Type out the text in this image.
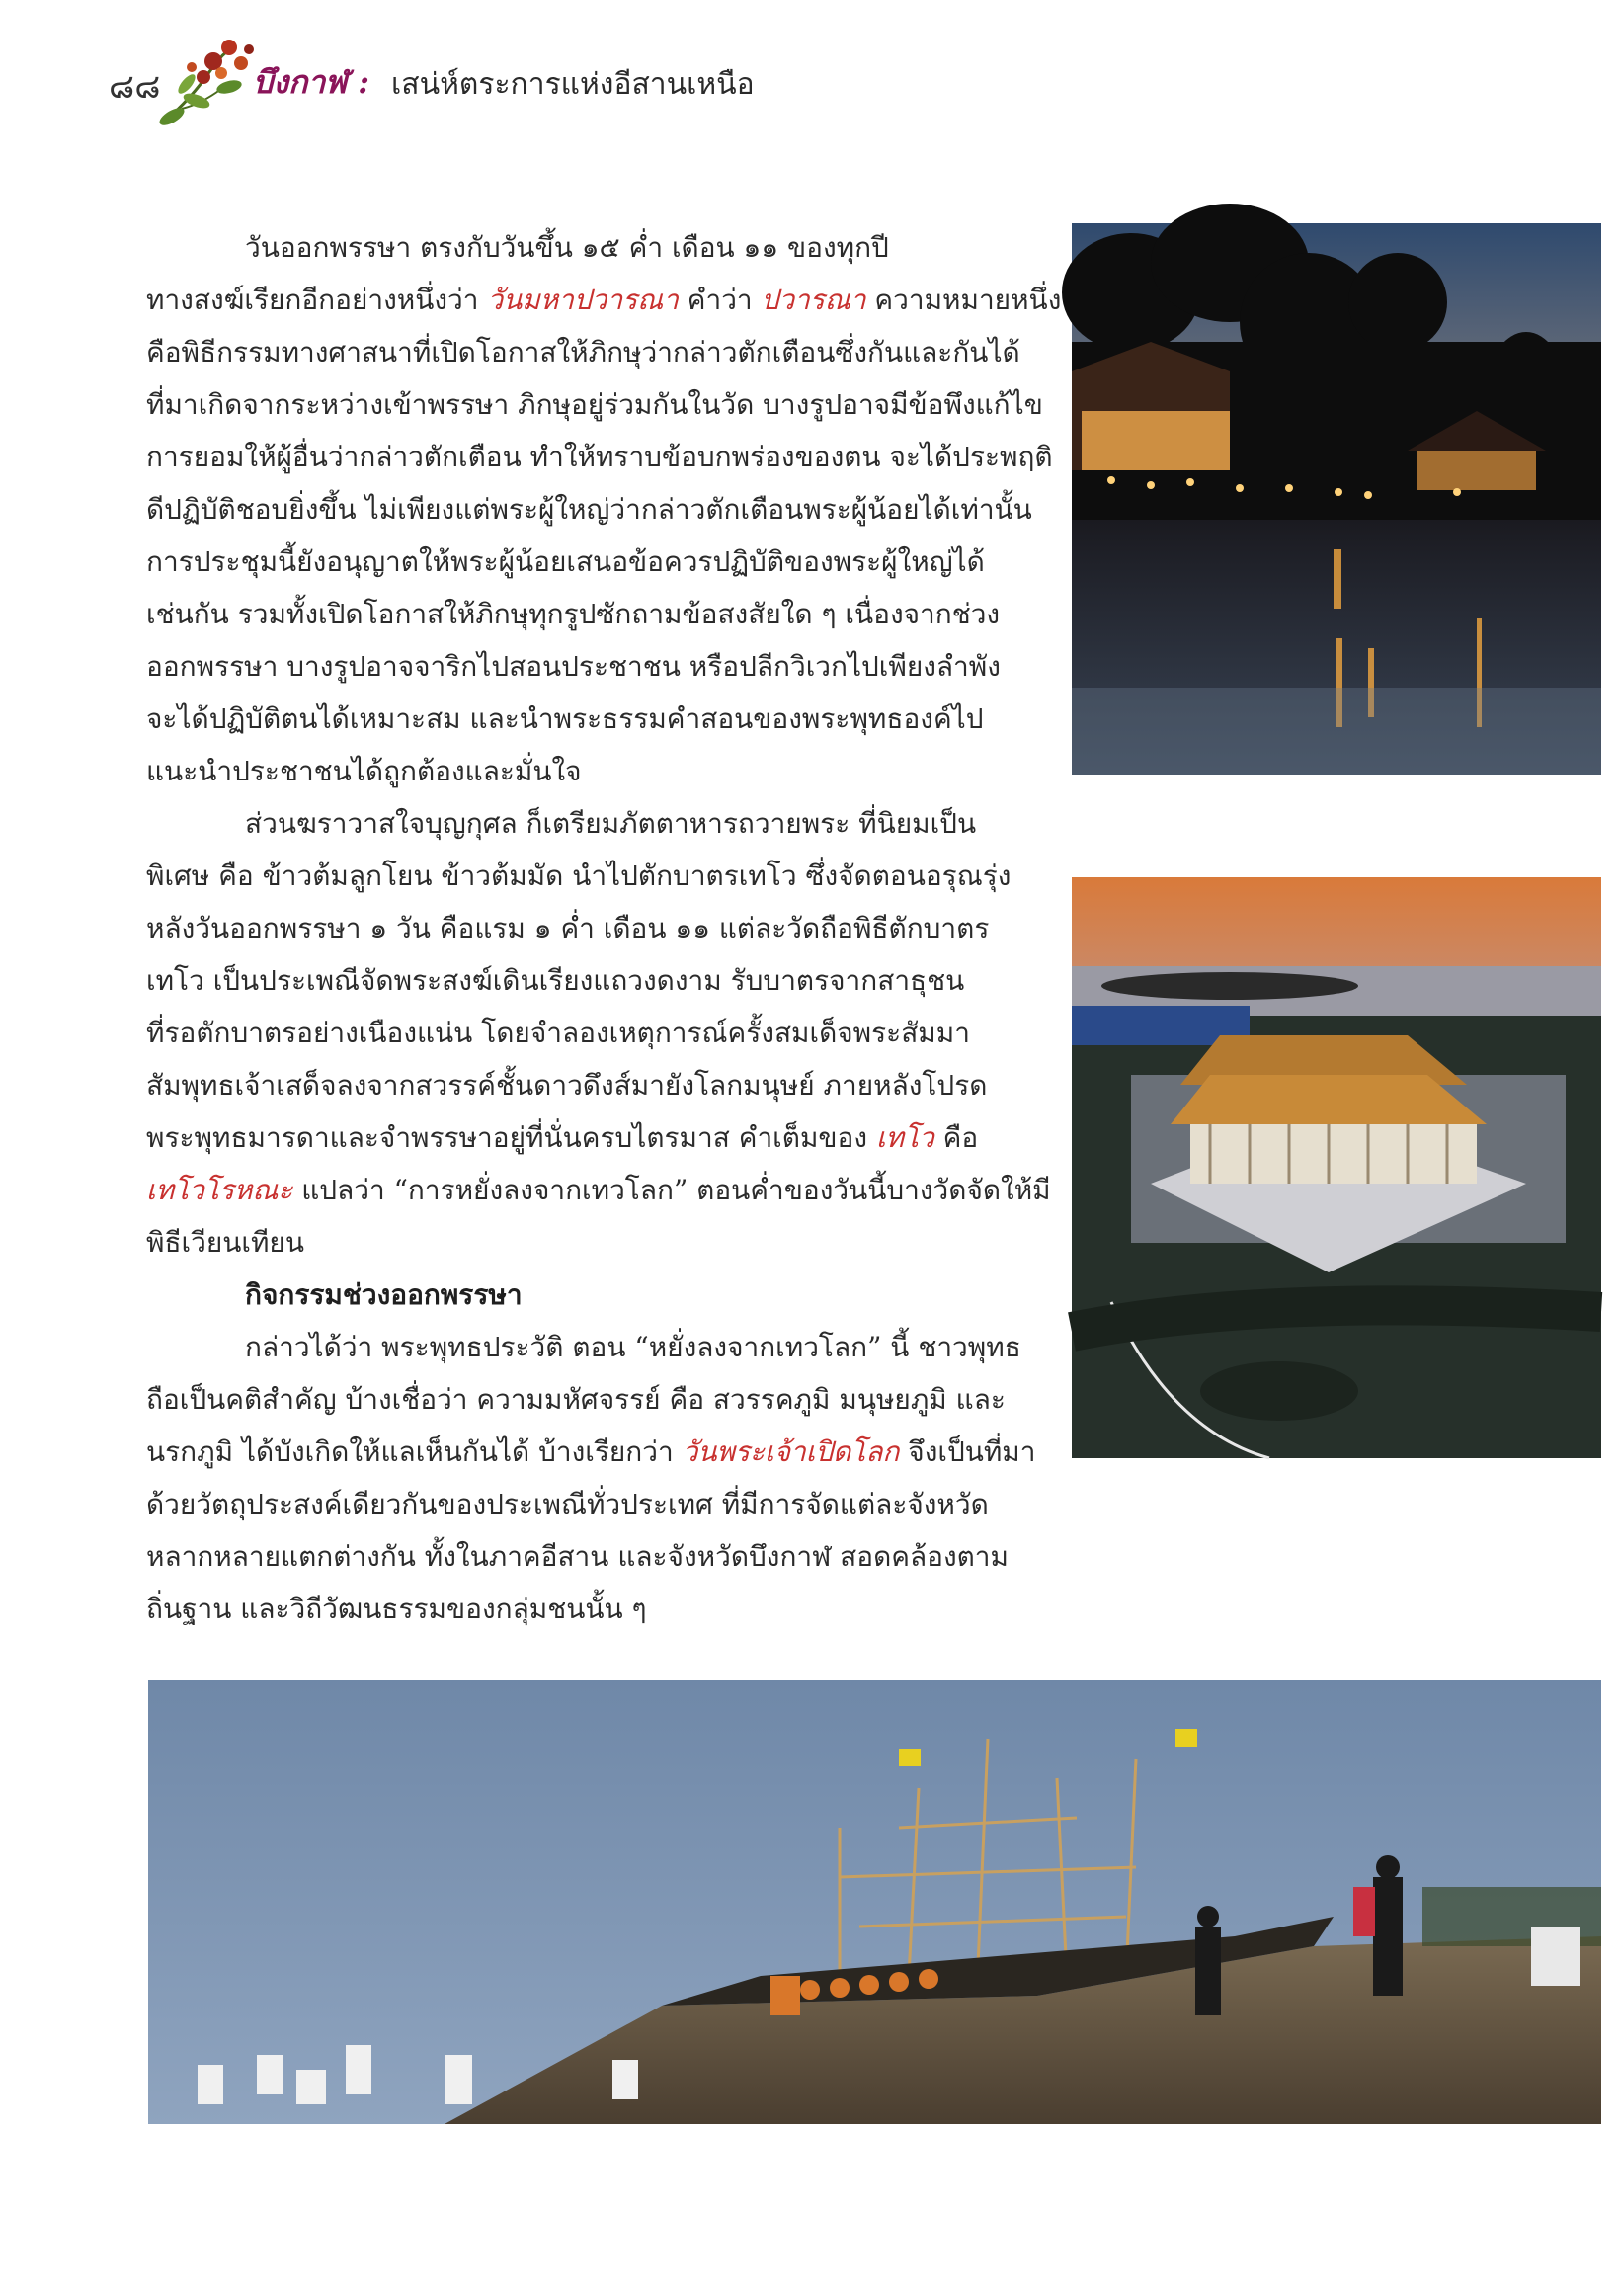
๘๘	บึงกาฬ : เสน่ห์ตระการแห่งอีสานเหนือ
วันออกพรรษา ตรงกับวันขึ้น ๑๕ ค่ำ เดือน ๑๑ ของทุกปี
ทางสงฆ์เรียกอีกอย่างหนึ่งว่า วันมหาปวารณา คำว่า ปวารณา ความหมายหนึ่ง
คือพิธีกรรมทางศาสนาที่เปิดโอกาสให้ภิกษุว่ากล่าวตักเตือนซึ่งกันและกันได้
ที่มาเกิดจากระหว่างเข้าพรรษา ภิกษุอยู่ร่วมกันในวัด บางรูปอาจมีข้อพึงแก้ไข
การยอมให้ผู้อื่นว่ากล่าวตักเตือน ทำให้ทราบข้อบกพร่องของตน จะได้ประพฤติ
ดีปฏิบัติชอบยิ่งขึ้น ไม่เพียงแต่พระผู้ใหญ่ว่ากล่าวตักเตือนพระผู้น้อยได้เท่านั้น
การประชุมนี้ยังอนุญาตให้พระผู้น้อยเสนอข้อควรปฏิบัติของพระผู้ใหญ่ได้
เช่นกัน รวมทั้งเปิดโอกาสให้ภิกษุทุกรูปซักถามข้อสงสัยใด ๆ เนื่องจากช่วง
ออกพรรษา บางรูปอาจจาริกไปสอนประชาชน หรือปลีกวิเวกไปเพียงลำพัง
จะได้ปฏิบัติตนได้เหมาะสม และนำพระธรรมคำสอนของพระพุทธองค์ไป
แนะนำประชาชนได้ถูกต้องและมั่นใจ
ส่วนฆราวาสใจบุญกุศล ก็เตรียมภัตตาหารถวายพระ ที่นิยมเป็น
พิเศษ คือ ข้าวต้มลูกโยน ข้าวต้มมัด นำไปตักบาตรเทโว ซึ่งจัดตอนอรุณรุ่ง
หลังวันออกพรรษา ๑ วัน คือแรม ๑ ค่ำ เดือน ๑๑ แต่ละวัดถือพิธีตักบาตร
เทโว เป็นประเพณีจัดพระสงฆ์เดินเรียงแถวงดงาม รับบาตรจากสาธุชน
ที่รอตักบาตรอย่างเนืองแน่น โดยจำลองเหตุการณ์ครั้งสมเด็จพระสัมมา
สัมพุทธเจ้าเสด็จลงจากสวรรค์ชั้นดาวดึงส์มายังโลกมนุษย์ ภายหลังโปรด
พระพุทธมารดาและจำพรรษาอยู่ที่นั่นครบไตรมาส คำเต็มของ เทโว คือ
เทโวโรหณะ แปลว่า “การหยั่งลงจากเทวโลก” ตอนค่ำของวันนี้บางวัดจัดให้มี
พิธีเวียนเทียน
กิจกรรมช่วงออกพรรษา
กล่าวได้ว่า พระพุทธประวัติ ตอน “หยั่งลงจากเทวโลก” นี้ ชาวพุทธ
ถือเป็นคติสำคัญ บ้างเชื่อว่า ความมหัศจรรย์ คือ สวรรคภูมิ มนุษยภูมิ และ
นรกภูมิ ได้บังเกิดให้แลเห็นกันได้ บ้างเรียกว่า วันพระเจ้าเปิดโลก จึงเป็นที่มา
ด้วยวัตถุประสงค์เดียวกันของประเพณีทั่วประเทศ ที่มีการจัดแต่ละจังหวัด
หลากหลายแตกต่างกัน ทั้งในภาคอีสาน และจังหวัดบึงกาฬ สอดคล้องตาม
ถิ่นฐาน และวิถีวัฒนธรรมของกลุ่มชนนั้น ๆ
